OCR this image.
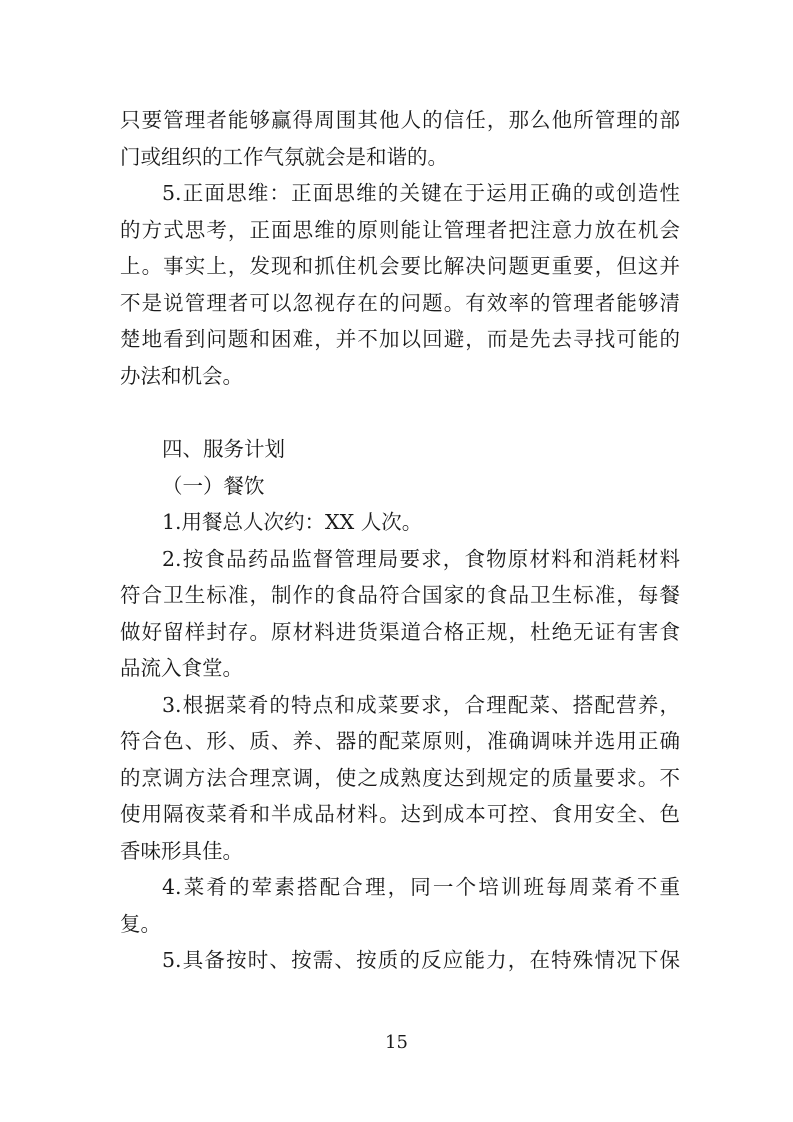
只要管理者能够赢得周围其他人的信任，那么他所管理的部
门或组织的工作气氛就会是和谐的。
5.正面思维：正面思维的关键在于运用正确的或创造性
的方式思考，正面思维的原则能让管理者把注意力放在机会
上。事实上，发现和抓住机会要比解决问题更重要，但这并
不是说管理者可以忽视存在的问题。有效率的管理者能够清
楚地看到问题和困难，并不加以回避，而是先去寻找可能的
办法和机会。
四、服务计划
（一）餐饮
1.用餐总人次约：XX 人次。
2.按食品药品监督管理局要求，食物原材料和消耗材料
符合卫生标准，制作的食品符合国家的食品卫生标准，每餐
做好留样封存。原材料进货渠道合格正规，杜绝无证有害食
品流入食堂。
3.根据菜肴的特点和成菜要求，合理配菜、搭配营养，
符合色、形、质、养、器的配菜原则，准确调味并选用正确
的烹调方法合理烹调，使之成熟度达到规定的质量要求。不
使用隔夜菜肴和半成品材料。达到成本可控、食用安全、色
香味形具佳。
4.菜肴的荤素搭配合理，同一个培训班每周菜肴不重
复。
5.具备按时、按需、按质的反应能力，在特殊情况下保
15
